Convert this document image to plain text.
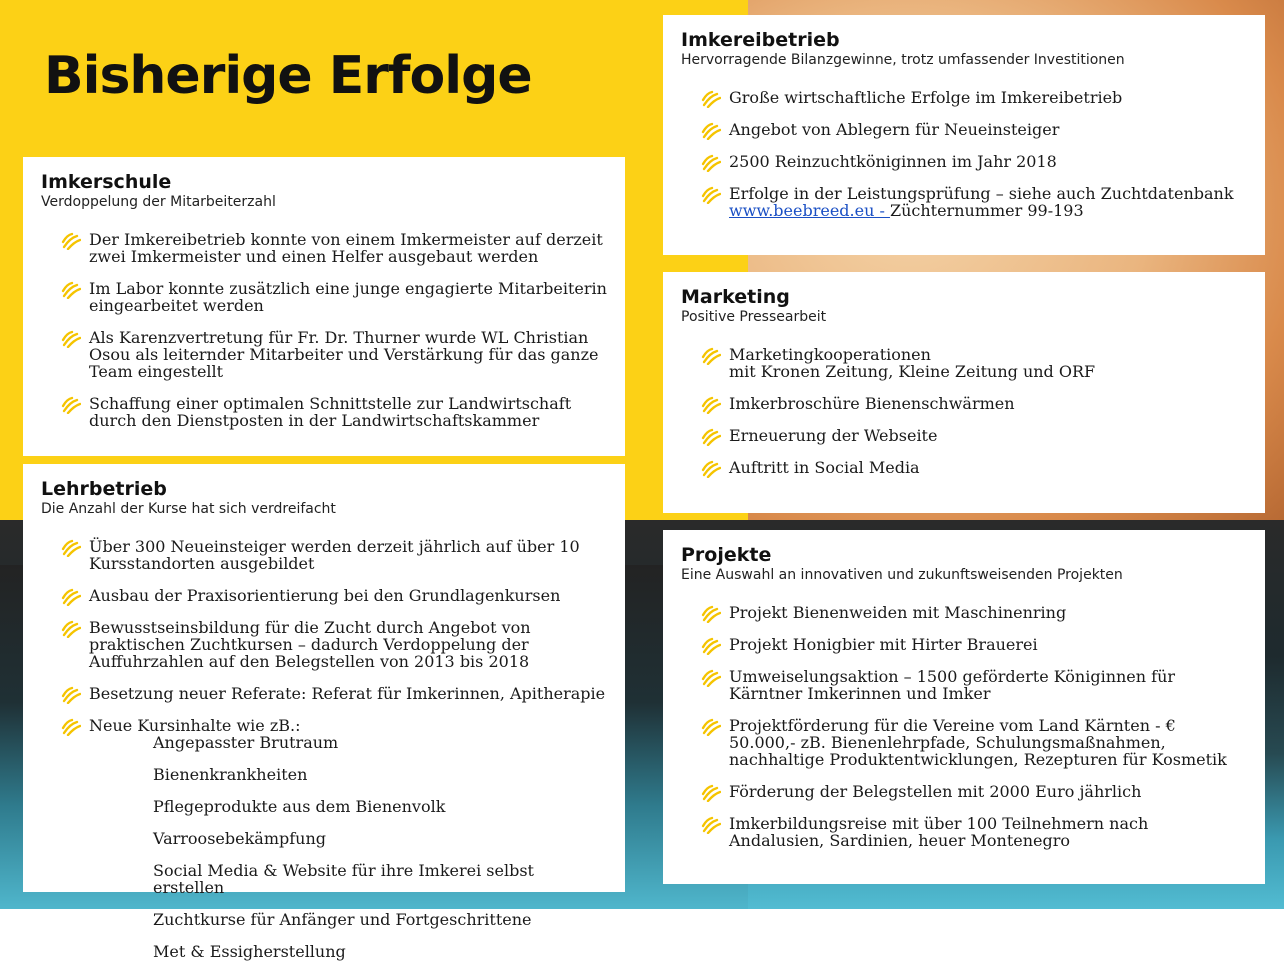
Bisherige Erfolge
Imkerschule

Verdoppelung der Mitarbeiterzahl

Der Imkereibetrieb konnte von einem Imkermeister auf derzeit zwei Imkermeister und einen Helfer ausgebaut werden
Im Labor konnte zusätzlich eine junge engagierte Mitarbeiterin eingearbeitet werden
Als Karenzvertretung für Fr. Dr. Thurner wurde WL Christian Osou als leiternder Mitarbeiter und Verstärkung für das ganze Team eingestellt
Schaffung einer optimalen Schnittstelle zur Landwirtschaft durch den Dienstposten in der Landwirtschaftskammer
Lehrbetrieb

Die Anzahl der Kurse hat sich verdreifacht

Über 300 Neueinsteiger werden derzeit jährlich auf über 10 Kursstandorten ausgebildet
Ausbau der Praxisorientierung bei den Grundlagenkursen
Bewusstseinsbildung für die Zucht durch Angebot von praktischen Zuchtkursen – dadurch Verdoppelung der Auffuhrzahlen auf den Belegstellen von 2013 bis 2018
Besetzung neuer Referate: Referat für Imkerinnen, Apitherapie
Neue Kursinhalte wie zB.:
Angepasster Brutraum
Bienenkrankheiten
Pflegeprodukte aus dem Bienenvolk
Varroosebekämpfung
Social Media & Website für ihre Imkerei selbst erstellen
Zuchtkurse für Anfänger und Fortgeschrittene
Met & Essigherstellung
Imkereibetrieb

Hervorragende Bilanzgewinne, trotz umfassender Investitionen

Große wirtschaftliche Erfolge im Imkereibetrieb
Angebot von Ablegern für Neueinsteiger
2500 Reinzuchtköniginnen im Jahr 2018
Erfolge in der Leistungsprüfung – siehe auch Zuchtdatenbank
www.beebreed.eu - Züchternummer 99-193
Marketing

Positive Pressearbeit

Marketingkooperationen
mit Kronen Zeitung, Kleine Zeitung und ORF
Imkerbroschüre Bienenschwärmen
Erneuerung der Webseite
Auftritt in Social Media
Projekte

Eine Auswahl an innovativen und zukunftsweisenden Projekten

Projekt Bienenweiden mit Maschinenring
Projekt Honigbier mit Hirter Brauerei
Umweiselungsaktion – 1500 geförderte Königinnen für Kärntner Imkerinnen und Imker
Projektförderung für die Vereine vom Land Kärnten - € 50.000,- zB. Bienenlehrpfade, Schulungsmaßnahmen, nachhaltige Produktentwicklungen, Rezepturen für Kosmetik
Förderung der Belegstellen mit 2000 Euro jährlich
Imkerbildungsreise mit über 100 Teilnehmern nach Andalusien, Sardinien, heuer Montenegro
